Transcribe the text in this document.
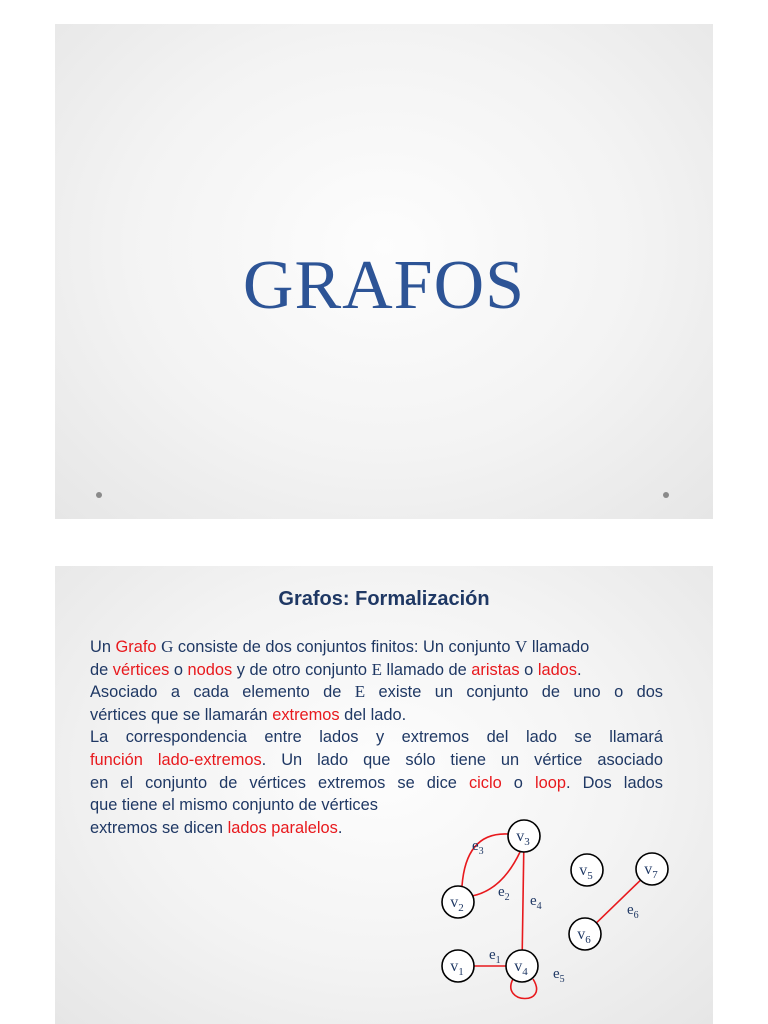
GRAFOS
Grafos: Formalización
Un Grafo G consiste de dos conjuntos finitos: Un conjunto V llamado
de vértices o nodos y de otro conjunto E llamado de aristas o lados.
Asociado a cada elemento de E existe un conjunto de uno o dos
vértices que se llamarán extremos del lado.
La correspondencia entre lados y extremos del lado se llamará
función lado-extremos. Un lado que sólo tiene un vértice asociado
en el conjunto de vértices extremos se dice ciclo o loop. Dos lados
que tiene el mismo conjunto de vértices
extremos se dicen lados paralelos.
$v_1$
$v_2$
$v_3$
$v_4$
$v_5$
$v_6$
$v_7$
$e_1$
$e_2$
$e_3$
$e_4$
$e_5$
$e_6$
